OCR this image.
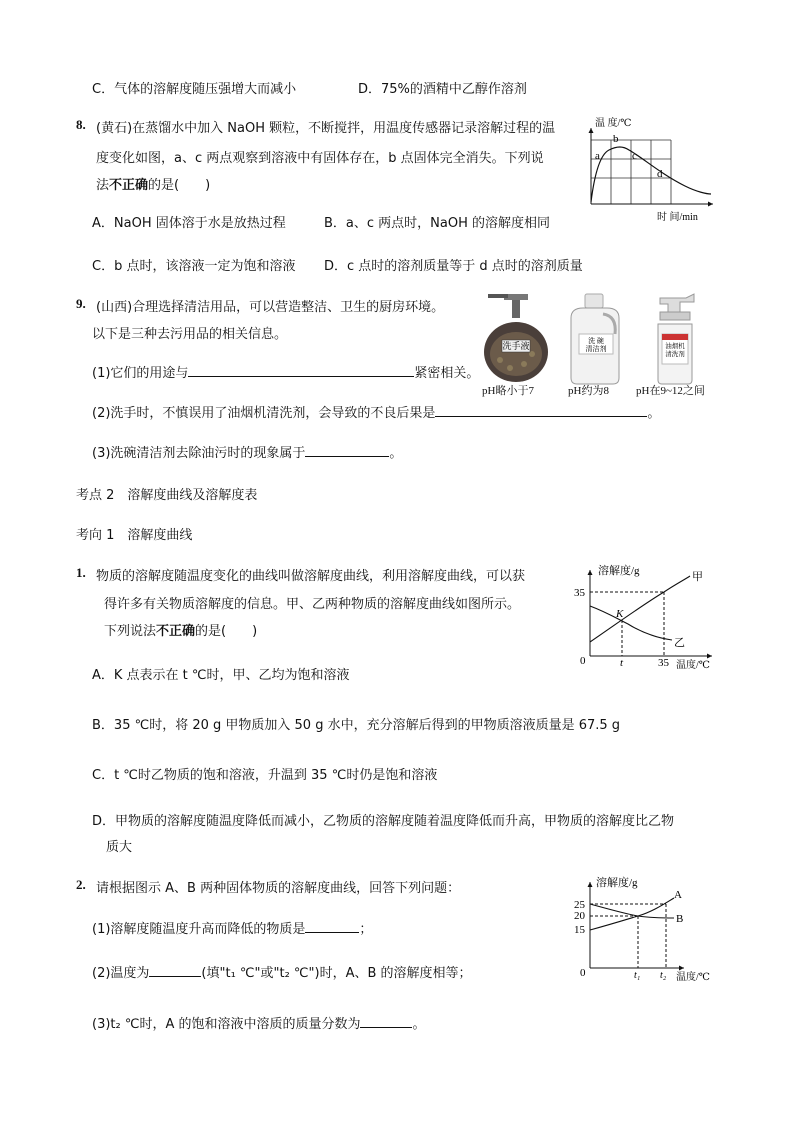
C．气体的溶解度随压强增大而减小	D．75%的酒精中乙醇作溶剂
8. (黄石)在蒸馏水中加入 NaOH 颗粒，不断搅拌，用温度传感器记录溶解过程的温
度变化如图，a、c 两点观察到溶液中有固体存在，b 点固体完全消失。下列说
法不正确的是(　　)
A．NaOH 固体溶于水是放热过程	B．a、c 两点时，NaOH 的溶解度相同
C．b 点时，该溶液一定为饱和溶液 D．c 点时的溶剂质量等于 d 点时的溶剂质量
温 度/℃
a
b
c
d
时 间/min
9. (山西)合理选择清洁用品，可以营造整洁、卫生的厨房环境。
以下是三种去污用品的相关信息。
(1)它们的用途与	紧密相关。
(2)洗手时，不慎误用了油烟机清洗剂，会导致的不良后果是	。
(3)洗碗清洁剂去除油污时的现象属于	。
洗手液	洗 碗清洁剂	油烟机清洗剂
pH略小于7	pH约为8 pH在9~12之间
考点 2　溶解度曲线及溶解度表
考向 1　溶解度曲线
1. 物质的溶解度随温度变化的曲线叫做溶解度曲线，利用溶解度曲线，可以获
得许多有关物质溶解度的信息。甲、乙两种物质的溶解度曲线如图所示。
下列说法不正确的是(　　)
A．K 点表示在 t ℃时，甲、乙均为饱和溶液
B．35 ℃时，将 20 g 甲物质加入 50 g 水中，充分溶解后得到的甲物质溶液质量是 67.5 g
C．t ℃时乙物质的饱和溶液，升温到 35 ℃时仍是饱和溶液
D．甲物质的溶解度随温度降低而减小，乙物质的溶解度随着温度降低而升高，甲物质的溶解度比乙物
质大
溶解度/g	甲
乙
35
K
0	t	35 温度/℃
2. 请根据图示 A、B 两种固体物质的溶解度曲线，回答下列问题：
(1)溶解度随温度升高而降低的物质是	；
(2)温度为	(填"t₁ ℃"或"t₂ ℃")时，A、B 的溶解度相等；
(3)t₂ ℃时，A 的饱和溶液中溶质的质量分数为	。
溶解度/g
A
B
25
20
15
0	t₁ t₂ 温度/℃
